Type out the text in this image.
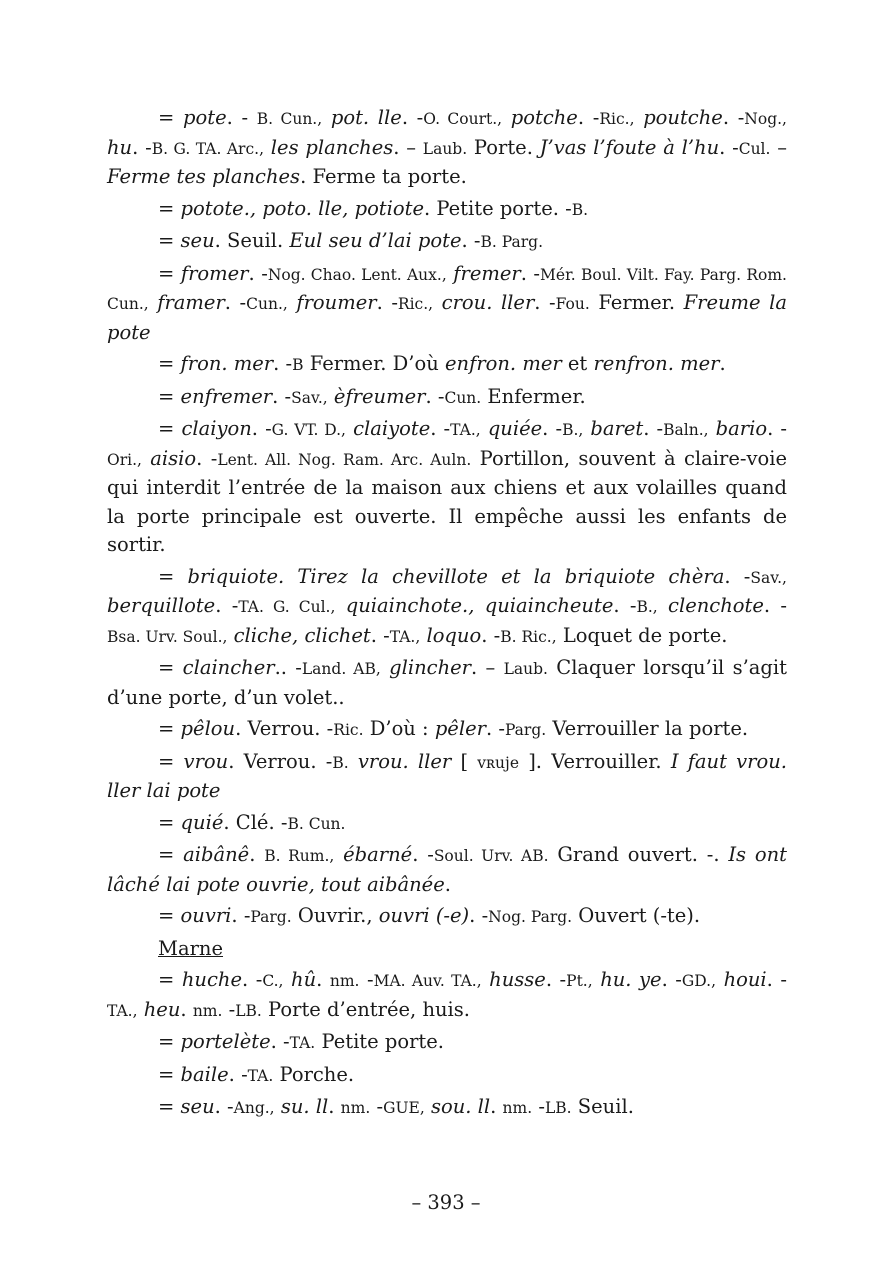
= pote. - B. Cun., pot. lle. -O. Court., potche. -Ric., poutche. -Nog., hu. -B. G. TA. Arc., les planches. – Laub. Porte. J’vas l’foute à l’hu. -Cul. – Ferme tes planches. Ferme ta porte.

= potote., poto. lle, potiote. Petite porte. -B.

= seu. Seuil. Eul seu d’lai pote. -B. Parg.

= fromer. -Nog. Chao. Lent. Aux., fremer. -Mér. Boul. Vilt. Fay. Parg. Rom. Cun., framer. -Cun., froumer. -Ric., crou. ller. -Fou. Fermer. Freume la pote

= fron. mer. -B Fermer. D’où enfron. mer et renfron. mer.

= enfremer. -Sav., èfreumer. -Cun. Enfermer.

= claiyon. -G. VT. D., claiyote. -TA., quiée. -B., baret. -Baln., bario. -Ori., aisio. -Lent. All. Nog. Ram. Arc. Auln. Portillon, souvent à claire-voie qui interdit l’entrée de la maison aux chiens et aux volailles quand la porte principale est ouverte. Il empêche aussi les enfants de sortir.

= briquiote. Tirez la chevillote et la briquiote chèra. -Sav., berquillote. -TA. G. Cul., quiainchote., quiaincheute. -B., clenchote. -Bsa. Urv. Soul., cliche, clichet. -TA., loquo. -B. Ric., Loquet de porte.

= claincher.. -Land. AB, glincher. – Laub. Claquer lorsqu’il s’agit d’une porte, d’un volet..

= pêlou. Verrou. -Ric. D’où : pêler. -Parg. Verrouiller la porte.

= vrou. Verrou. -B. vrou. ller [ vʀuje ]. Verrouiller. I faut vrou. ller lai pote

= quié. Clé. -B. Cun.

= aibânê. B. Rum., ébarné. -Soul. Urv. AB. Grand ouvert. -. Is ont lâché lai pote ouvrie, tout aibânée.

= ouvri. -Parg. Ouvrir., ouvri (-e). -Nog. Parg. Ouvert (-te).

Marne

= huche. -C., hû. nm. -MA. Auv. TA., husse. -Pt., hu. ye. -GD., houi. -TA., heu. nm. -LB. Porte d’entrée, huis.

= portelète. -TA. Petite porte.

= baile. -TA. Porche.

= seu. -Ang., su. ll. nm. -GUE, sou. ll. nm. -LB. Seuil.

– 393 –
